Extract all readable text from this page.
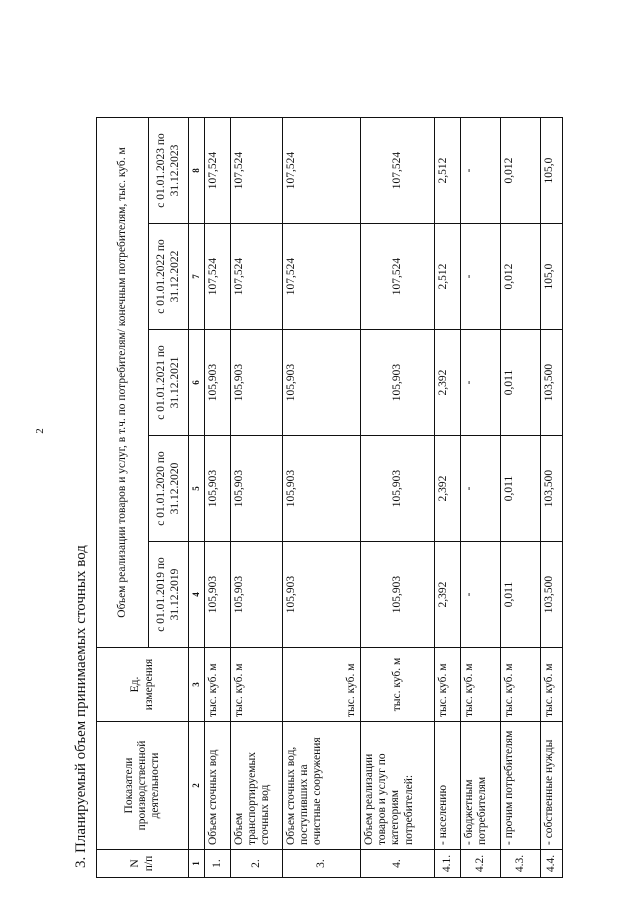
2
3. Планируемый объем принимаемых сточных вод	N п/п	Показатели производственной деятельности	Ед. измерения	Объем реализации товаров и услуг, в т.ч. по потребителям/ конечным потребителям, тыс. куб. м				
			с 01.01.2019 по 31.12.2019	с 01.01.2020 по 31.12.2020	с 01.01.2021 по 31.12.2021	с 01.01.2022 по 31.12.2022	с 01.01.2023 по 31.12.2023
1	2	3	4	5	6	7	8
1.	Объем сточных вод	тыс. куб. м	105,903	105,903	105,903	107,524	107,524
2.	Объем транспортируемых сточных вод	тыс. куб. м	105,903	105,903	105,903	107,524	107,524
3.	Объем сточных вод, поступивших на очистные сооружения	тыс. куб. м	105,903	105,903	105,903	107,524	107,524
4.	Объем реализации товаров и услуг по категориям потребителей:	тыс. куб. м	105,903	105,903	105,903	107,524	107,524
4.1.	- населению	тыс. куб. м	2,392	2,392	2,392	2,512	2,512
4.2.	- бюджетным потребителям	тыс. куб. м	-	-	-	-	-
4.3.	- прочим потребителям	тыс. куб. м	0,011	0,011	0,011	0,012	0,012
4.4.	- собственные нужды	тыс. куб. м	103,500	103,500	103,500	105,0	105,0
